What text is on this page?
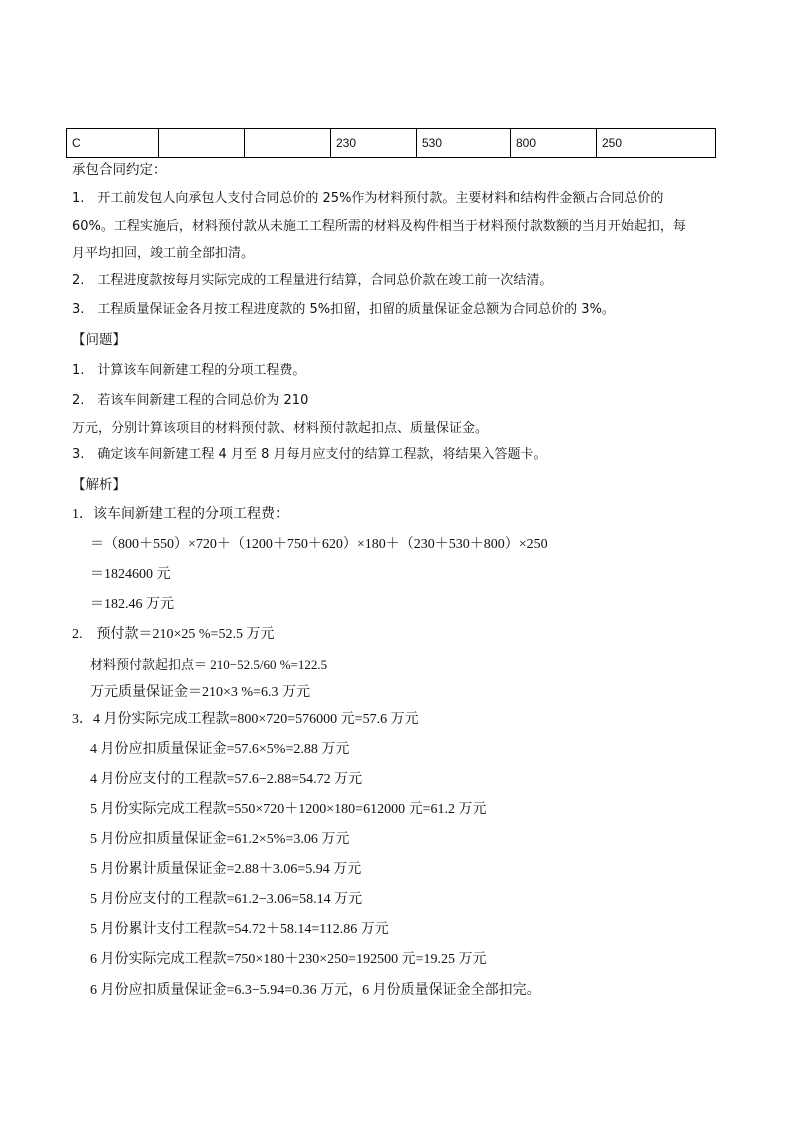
C			230	530	800	250
承包合同约定：
1.　开工前发包人向承包人支付合同总价的 25%作为材料预付款。主要材料和结构件金额占合同总价的
60%。工程实施后，材料预付款从未施工工程所需的材料及构件相当于材料预付款数额的当月开始起扣，每
月平均扣回，竣工前全部扣清。
2.　工程进度款按每月实际完成的工程量进行结算，合同总价款在竣工前一次结清。
3.　工程质量保证金各月按工程进度款的 5%扣留，扣留的质量保证金总额为合同总价的 3%。
【问题】
1.　计算该车间新建工程的分项工程费。
2.　若该车间新建工程的合同总价为 210
万元，分别计算该项目的材料预付款、材料预付款起扣点、质量保证金。
3.　确定该车间新建工程 4 月至 8 月每月应支付的结算工程款，将结果入答题卡。
【解析】
1．该车间新建工程的分项工程费：
＝（800＋550）×720＋（1200＋750＋620）×180＋（230＋530＋800）×250
＝1824600 元
＝182.46 万元
2.　预付款＝210×25 %=52.5 万元
材料预付款起扣点＝ 210−52.5/60 %=122.5
万元质量保证金＝210×3 %=6.3 万元
3．4 月份实际完成工程款=800×720=576000 元=57.6 万元
4 月份应扣质量保证金=57.6×5%=2.88 万元
4 月份应支付的工程款=57.6−2.88=54.72 万元
5 月份实际完成工程款=550×720＋1200×180=612000 元=61.2 万元
5 月份应扣质量保证金=61.2×5%=3.06 万元
5 月份累计质量保证金=2.88＋3.06=5.94 万元
5 月份应支付的工程款=61.2−3.06=58.14 万元
5 月份累计支付工程款=54.72＋58.14=112.86 万元
6 月份实际完成工程款=750×180＋230×250=192500 元=19.25 万元
6 月份应扣质量保证金=6.3−5.94=0.36 万元，6 月份质量保证金全部扣完。
